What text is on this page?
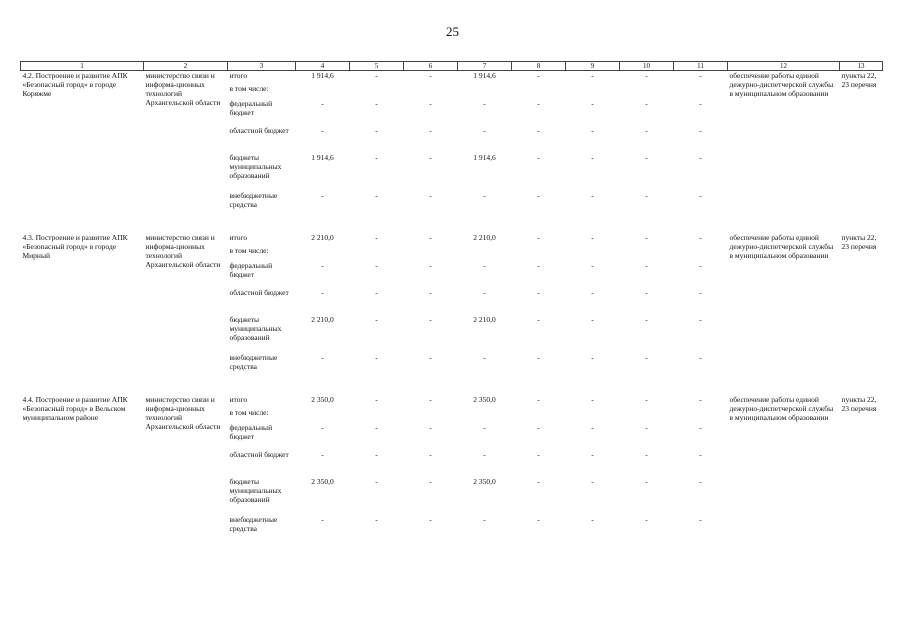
25
1	2	3	4	5	6	7	8	9	10	11	12	13
4.2. Построение и развитие АПК «Безопасный город» в городе Коряжме	министерство связи и информа-ционных технологий Архангельской области	итого	1 914,6	-	-	1 914,6	-	-	-	-	обеспечение работы единой дежурно-диспетчерской службы в муниципальном образовании	пункты 22, 23 перечня
		в том числе:										
		федеральный бюджет	-	-	-	-	-	-	-	-		
		областной бюджет	-	-	-	-	-	-	-	-		
		бюджеты муниципальных образований	1 914,6	-	-	1 914,6	-	-	-	-		
		внебюджетные средства	-	-	-	-	-	-	-	-		

4.3. Построение и развитие АПК «Безопасный город» в городе Мирный	министерство связи и информа-ционных технологий Архангельской области	итого	2 210,0	-	-	2 210,0	-	-	-	-	обеспечение работы единой дежурно-диспетчерской службы в муниципальном образовании	пункты 22, 23 перечня
		в том числе:										
		федеральный бюджет	-	-	-	-	-	-	-	-		
		областной бюджет	-	-	-	-	-	-	-	-		
		бюджеты муниципальных образований	2 210,0	-	-	2 210,0	-	-	-	-		
		внебюджетные средства	-	-	-	-	-	-	-	-		

4.4. Построение и развитие АПК «Безопасный город» в Вельском муниципальном районе	министерство связи и информа-ционных технологий Архангельской области	итого	2 350,0	-	-	2 350,0	-	-	-	-	обеспечение работы единой дежурно-диспетчерской службы в муниципальном образовании	пункты 22, 23 перечня
		в том числе:										
		федеральный бюджет	-	-	-	-	-	-	-	-		
		областной бюджет	-	-	-	-	-	-	-	-		
		бюджеты муниципальных образований	2 350,0	-	-	2 350,0	-	-	-	-		
		внебюджетные средства	-	-	-	-	-	-	-	-		
